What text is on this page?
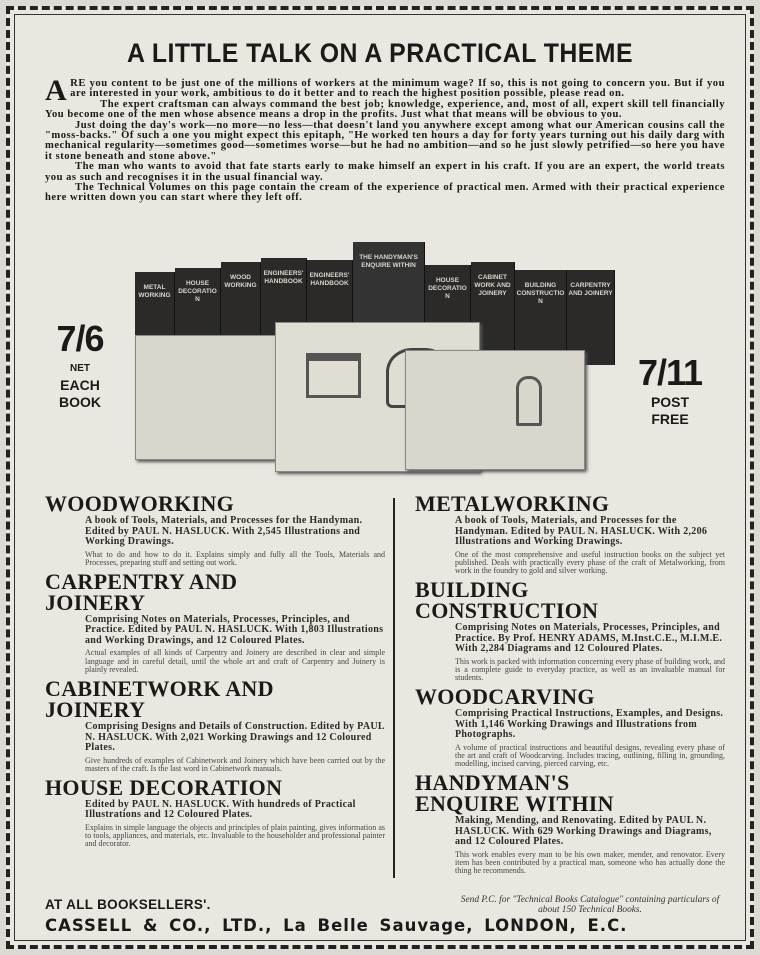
A LITTLE TALK ON A PRACTICAL THEME

ARE you content to be just one of the millions of workers at the minimum wage? If so, this is not going to concern you. But if you are interested in your work, ambitious to do it better and to reach the highest position possible, please read on.

The expert craftsman can always command the best job; knowledge, experience, and, most of all, expert skill tell financially You become one of the men whose absence means a drop in the profits. Just what that means will be obvious to you.

Just doing the day's work—no more—no less—that doesn't land you anywhere except among what our American cousins call the "moss-backs." Of such a one you might expect this epitaph, "He worked ten hours a day for forty years turning out his daily darg with mechanical regularity—sometimes good—sometimes worse—but he had no ambition—and so he just slowly petrified—so here you have it stone beneath and stone above."

The man who wants to avoid that fate starts early to make himself an expert in his craft. If you are an expert, the world treats you as such and recognises it in the usual financial way.

The Technical Volumes on this page contain the cream of the experience of practical men. Armed with their practical experience here written down you can start where they left off.

7/6
NET
EACH
BOOK
7/11
POST
FREE
METAL WORKING
HOUSE DECORATION
WOOD WORKING
ENGINEERS' HANDBOOK
ENGINEERS' HANDBOOK
THE HANDYMAN'S ENQUIRE WITHIN
HOUSE DECORATION
CABINET WORK AND JOINERY
BUILDING CONSTRUCTION
CARPENTRY AND JOINERY
WOODWORKING
A book of Tools, Materials, and Processes for the Handyman. Edited by PAUL N. HASLUCK. With 2,545 Illustrations and Working Drawings.
What to do and how to do it. Explains simply and fully all the Tools, Materials and Processes, preparing stuff and setting out work.
CARPENTRY AND JOINERY
Comprising Notes on Materials, Processes, Principles, and Practice. Edited by PAUL N. HASLUCK. With 1,803 Illustrations and Working Drawings, and 12 Coloured Plates.
Actual examples of all kinds of Carpentry and Joinery are described in clear and simple language and in careful detail, until the whole art and craft of Carpentry and Joinery is plainly revealed.
CABINETWORK AND JOINERY
Comprising Designs and Details of Construction. Edited by PAUL N. HASLUCK. With 2,021 Working Drawings and 12 Coloured Plates.
Give hundreds of examples of Cabinetwork and Joinery which have been carried out by the masters of the craft. Is the last word in Cabinetwork manuals.
HOUSE DECORATION
Edited by PAUL N. HASLUCK. With hundreds of Practical Illustrations and 12 Coloured Plates.
Explains in simple language the objects and principles of plain painting, gives information as to tools, appliances, and materials, etc. Invaluable to the householder and professional painter and decorator.
METALWORKING
A book of Tools, Materials, and Processes for the Handyman. Edited by PAUL N. HASLUCK. With 2,206 Illustrations and Working Drawings.
One of the most comprehensive and useful instruction books on the subject yet published. Deals with practically every phase of the craft of Metalworking, from work in the foundry to gold and silver working.
BUILDING CONSTRUCTION
Comprising Notes on Materials, Processes, Principles, and Practice. By Prof. HENRY ADAMS, M.Inst.C.E., M.I.M.E. With 2,284 Diagrams and 12 Coloured Plates.
This work is packed with information concerning every phase of building work, and is a complete guide to everyday practice, as well as an invaluable manual for students.
WOODCARVING
Comprising Practical Instructions, Examples, and Designs. With 1,146 Working Drawings and Illustrations from Photographs.
A volume of practical instructions and beautiful designs, revealing every phase of the art and craft of Woodcarving. Includes tracing, outlining, filling in, grounding, modelling, incised carving, pierced carving, etc.
HANDYMAN'S ENQUIRE WITHIN
Making, Mending, and Renovating. Edited by PAUL N. HASLUCK. With 629 Working Drawings and Diagrams, and 12 Coloured Plates.
This work enables every man to be his own maker, mender, and renovator. Every item has been contributed by a practical man, someone who has actually done the thing he recommends.
AT ALL BOOKSELLERS'.	Send P.C. for "Technical Books Catalogue" containing particulars of about 150 Technical Books.
CASSELL & CO., LTD., La Belle Sauvage, LONDON, E.C.
